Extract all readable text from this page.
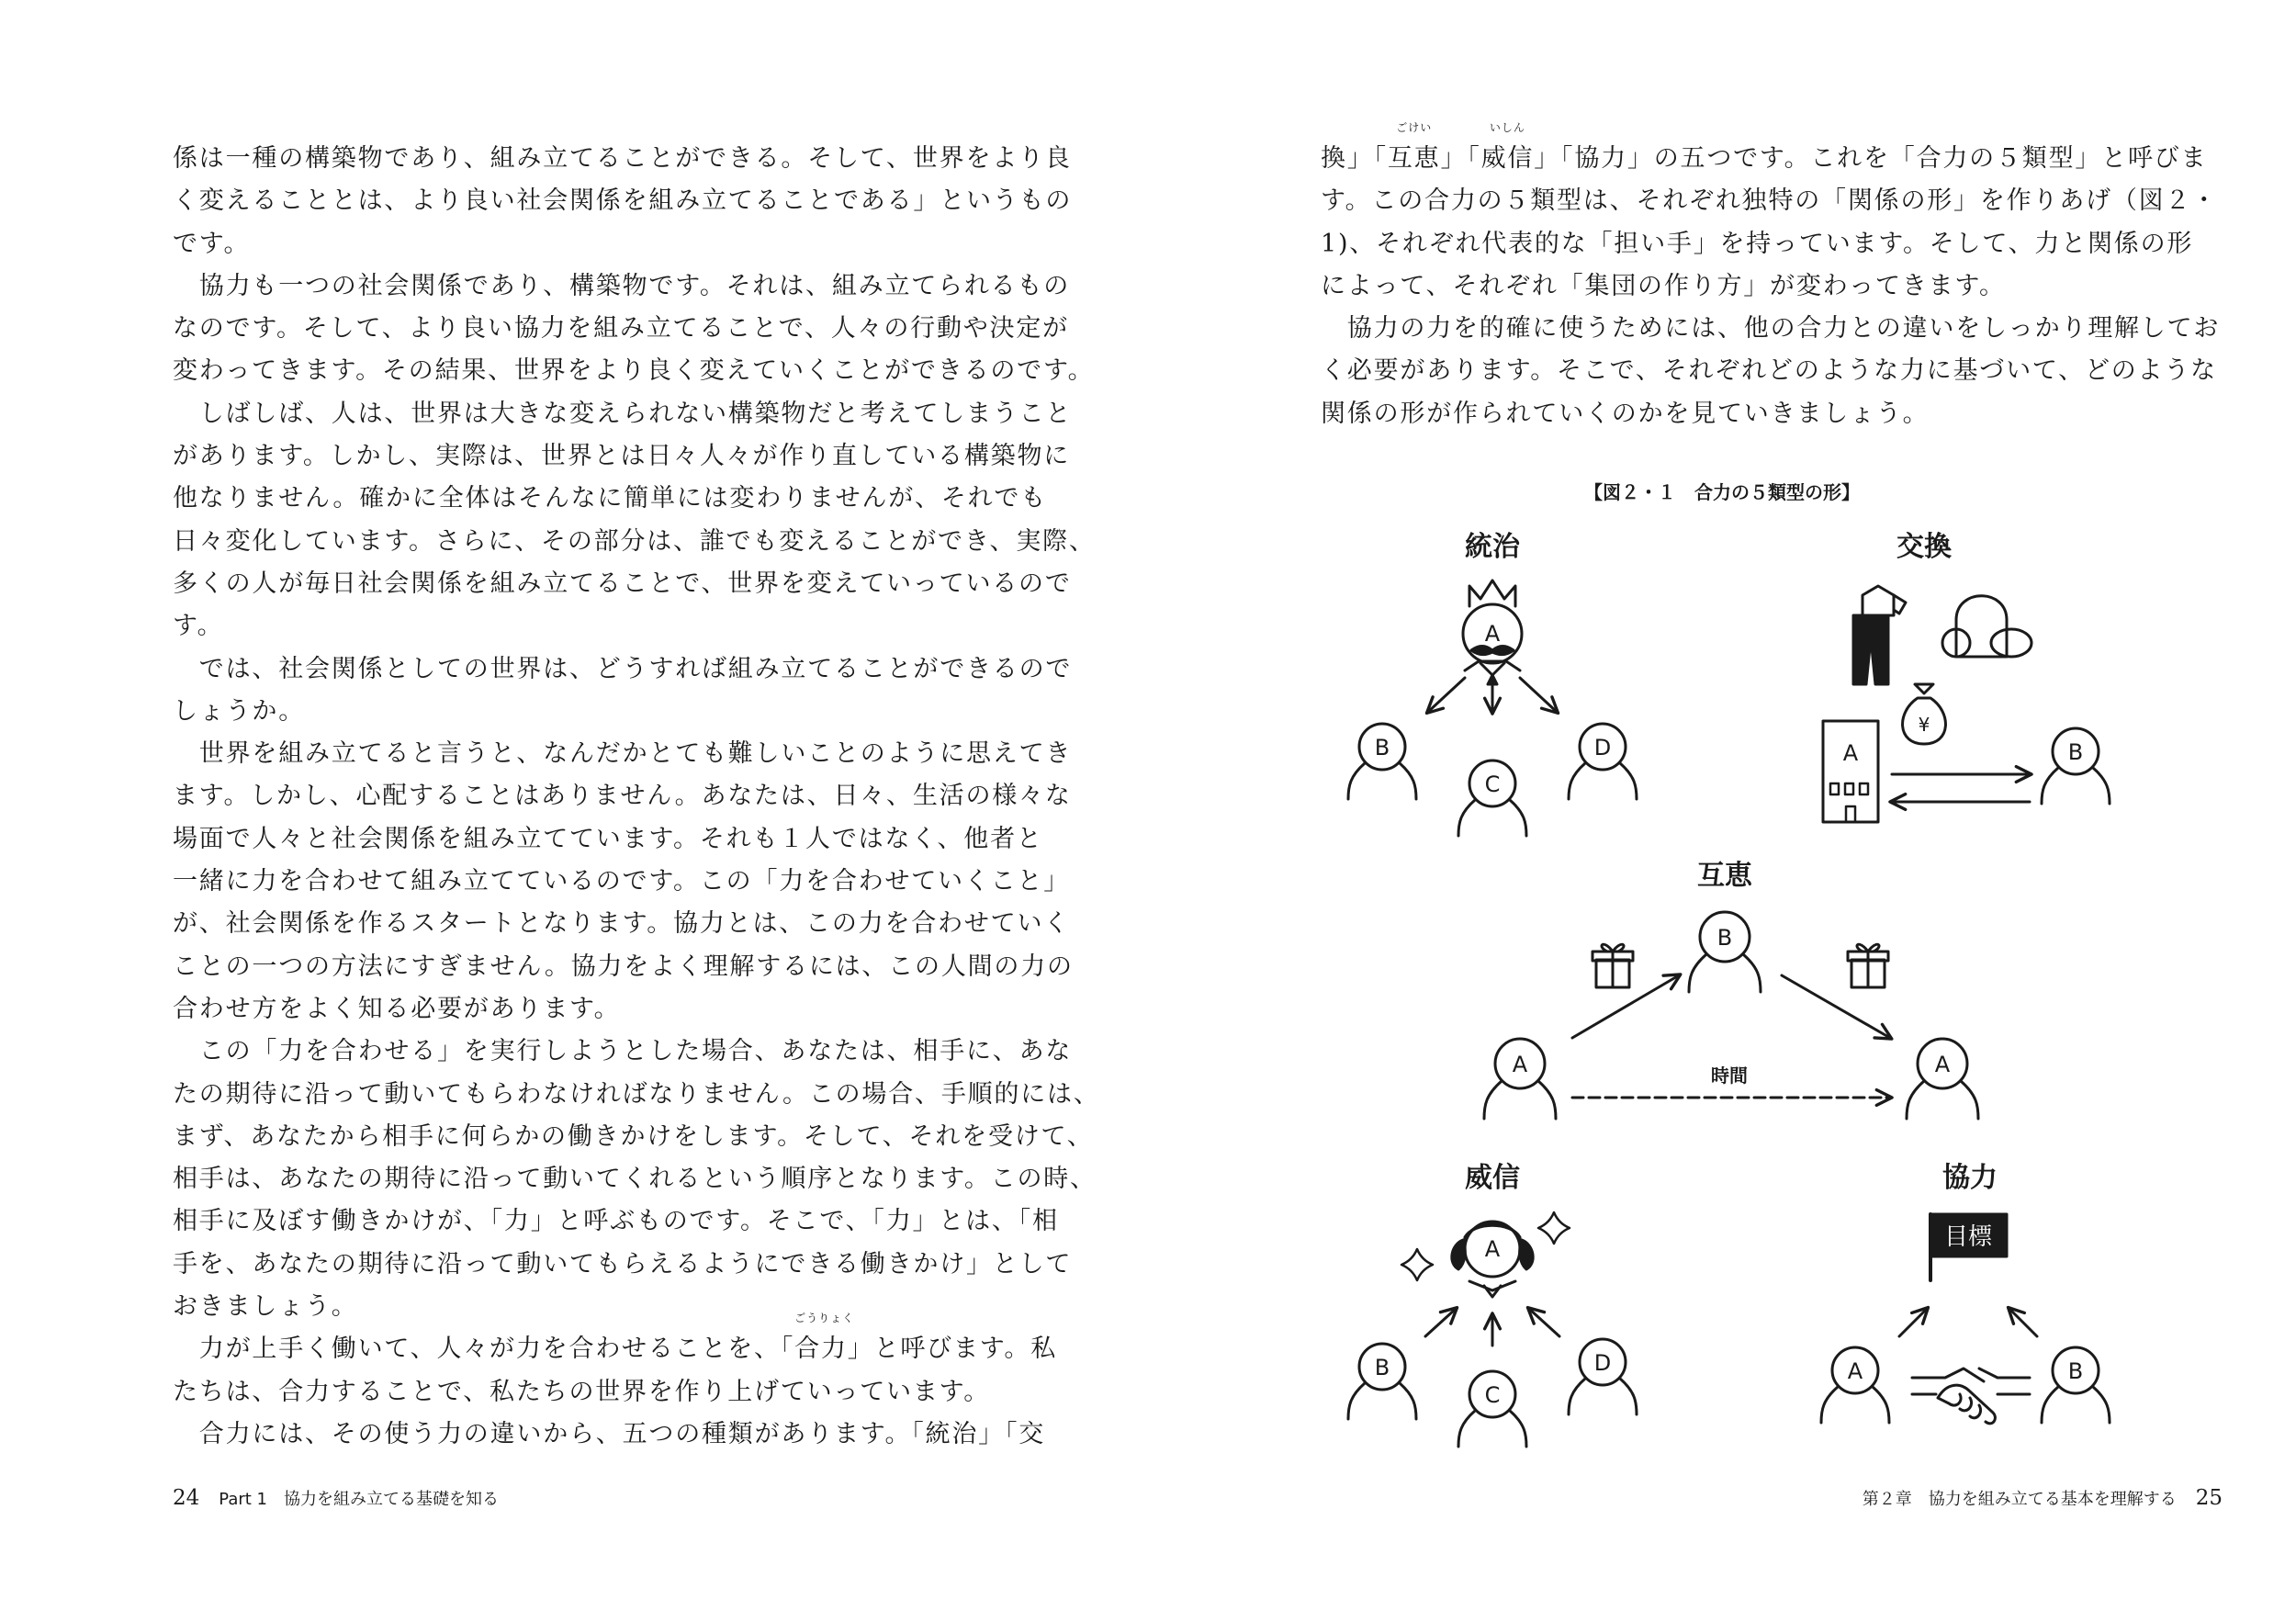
係は一種の構築物であり、組み立てることができる。そして、世界をより良
く変えることとは、より良い社会関係を組み立てることである」というもの
です。
　協力も一つの社会関係であり、構築物です。それは、組み立てられるもの
なのです。そして、より良い協力を組み立てることで、人々の行動や決定が
変わってきます。その結果、世界をより良く変えていくことができるのです。
　しばしば、人は、世界は大きな変えられない構築物だと考えてしまうこと
があります。しかし、実際は、世界とは日々人々が作り直している構築物に
他なりません。確かに全体はそんなに簡単には変わりませんが、それでも
日々変化しています。さらに、その部分は、誰でも変えることができ、実際、
多くの人が毎日社会関係を組み立てることで、世界を変えていっているので
す。
　では、社会関係としての世界は、どうすれば組み立てることができるので
しょうか。
　世界を組み立てると言うと、なんだかとても難しいことのように思えてき
ます。しかし、心配することはありません。あなたは、日々、生活の様々な
場面で人々と社会関係を組み立てています。それも１人ではなく、他者と
一緒に力を合わせて組み立てているのです。この「力を合わせていくこと」
が、社会関係を作るスタートとなります。協力とは、この力を合わせていく
ことの一つの方法にすぎません。協力をよく理解するには、この人間の力の
合わせ方をよく知る必要があります。
　この「力を合わせる」を実行しようとした場合、あなたは、相手に、あな
たの期待に沿って動いてもらわなければなりません。この場合、手順的には、
まず、あなたから相手に何らかの働きかけをします。そして、それを受けて、
相手は、あなたの期待に沿って動いてくれるという順序となります。この時、
相手に及ぼす働きかけが、「力」と呼ぶものです。そこで、「力」とは、「相
手を、あなたの期待に沿って動いてもらえるようにできる働きかけ」として
おきましょう。
　力が上手く働いて、人々が力を合わせることを、「
ごうりょく
合力」と呼びます。私
たちは、合力することで、私たちの世界を作り上げていっています。
　合力には、その使う力の違いから、五つの種類があります。「統治」「交
24 Part 1　協力を組み立てる基礎を知る
換」「
ごけい
互恵」「
いしん
威信」「協力」の五つです。これを「合力の５類型」と呼びま
す。この合力の５類型は、それぞれ独特の「関係の形」を作りあげ（図２・
1)、それぞれ代表的な「担い手」を持っています。そして、力と関係の形
によって、それぞれ「集団の作り方」が変わってきます。
　協力の力を的確に使うためには、他の合力との違いをしっかり理解してお
く必要があります。そこで、それぞれどのような力に基づいて、どのような
関係の形が作られていくのかを見ていきましょう。
【図２・１　合力の５類型の形】
統治
A
B
C
D
交換
¥
A	B
互恵
B
A	A
時間
威信
A
B
C
D
協力
目標
A	B
第２章　協力を組み立てる基本を理解する 25
